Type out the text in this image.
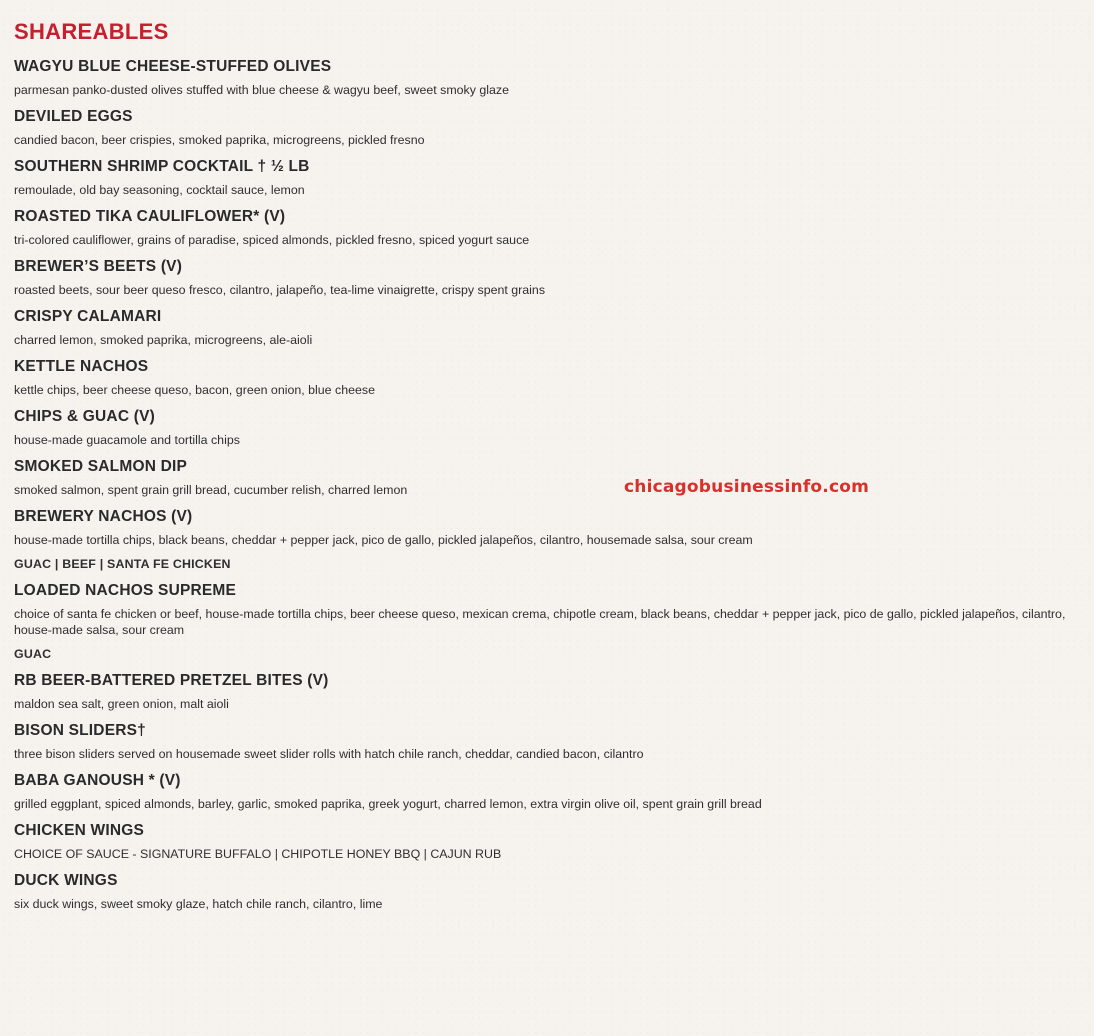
SHAREABLES
WAGYU BLUE CHEESE-STUFFED OLIVES
parmesan panko-dusted olives stuffed with blue cheese & wagyu beef, sweet smoky glaze
DEVILED EGGS
candied bacon, beer crispies, smoked paprika, microgreens, pickled fresno
SOUTHERN SHRIMP COCKTAIL † ½ LB
remoulade, old bay seasoning, cocktail sauce, lemon
ROASTED TIKA CAULIFLOWER* (V)
tri-colored cauliflower, grains of paradise, spiced almonds, pickled fresno, spiced yogurt sauce
BREWER’S BEETS (V)
roasted beets, sour beer queso fresco, cilantro, jalapeño, tea-lime vinaigrette, crispy spent grains
CRISPY CALAMARI
charred lemon, smoked paprika, microgreens, ale-aioli
KETTLE NACHOS
kettle chips, beer cheese queso, bacon, green onion, blue cheese
CHIPS & GUAC (V)
house-made guacamole and tortilla chips
SMOKED SALMON DIP
smoked salmon, spent grain grill bread, cucumber relish, charred lemon
BREWERY NACHOS (V)
house-made tortilla chips, black beans, cheddar + pepper jack, pico de gallo, pickled jalapeños, cilantro, housemade salsa, sour cream
GUAC | BEEF | SANTA FE CHICKEN
LOADED NACHOS SUPREME
choice of santa fe chicken or beef, house-made tortilla chips, beer cheese queso, mexican crema, chipotle cream, black beans, cheddar + pepper jack, pico de gallo, pickled jalapeños, cilantro, house-made salsa, sour cream
GUAC
RB BEER-BATTERED PRETZEL BITES (V)
maldon sea salt, green onion, malt aioli
BISON SLIDERS†
three bison sliders served on housemade sweet slider rolls with hatch chile ranch, cheddar, candied bacon, cilantro
BABA GANOUSH * (V)
grilled eggplant, spiced almonds, barley, garlic, smoked paprika, greek yogurt, charred lemon, extra virgin olive oil, spent grain grill bread
CHICKEN WINGS
CHOICE OF SAUCE - SIGNATURE BUFFALO | CHIPOTLE HONEY BBQ | CAJUN RUB
DUCK WINGS
six duck wings, sweet smoky glaze, hatch chile ranch, cilantro, lime
chicagobusinessinfo.com
